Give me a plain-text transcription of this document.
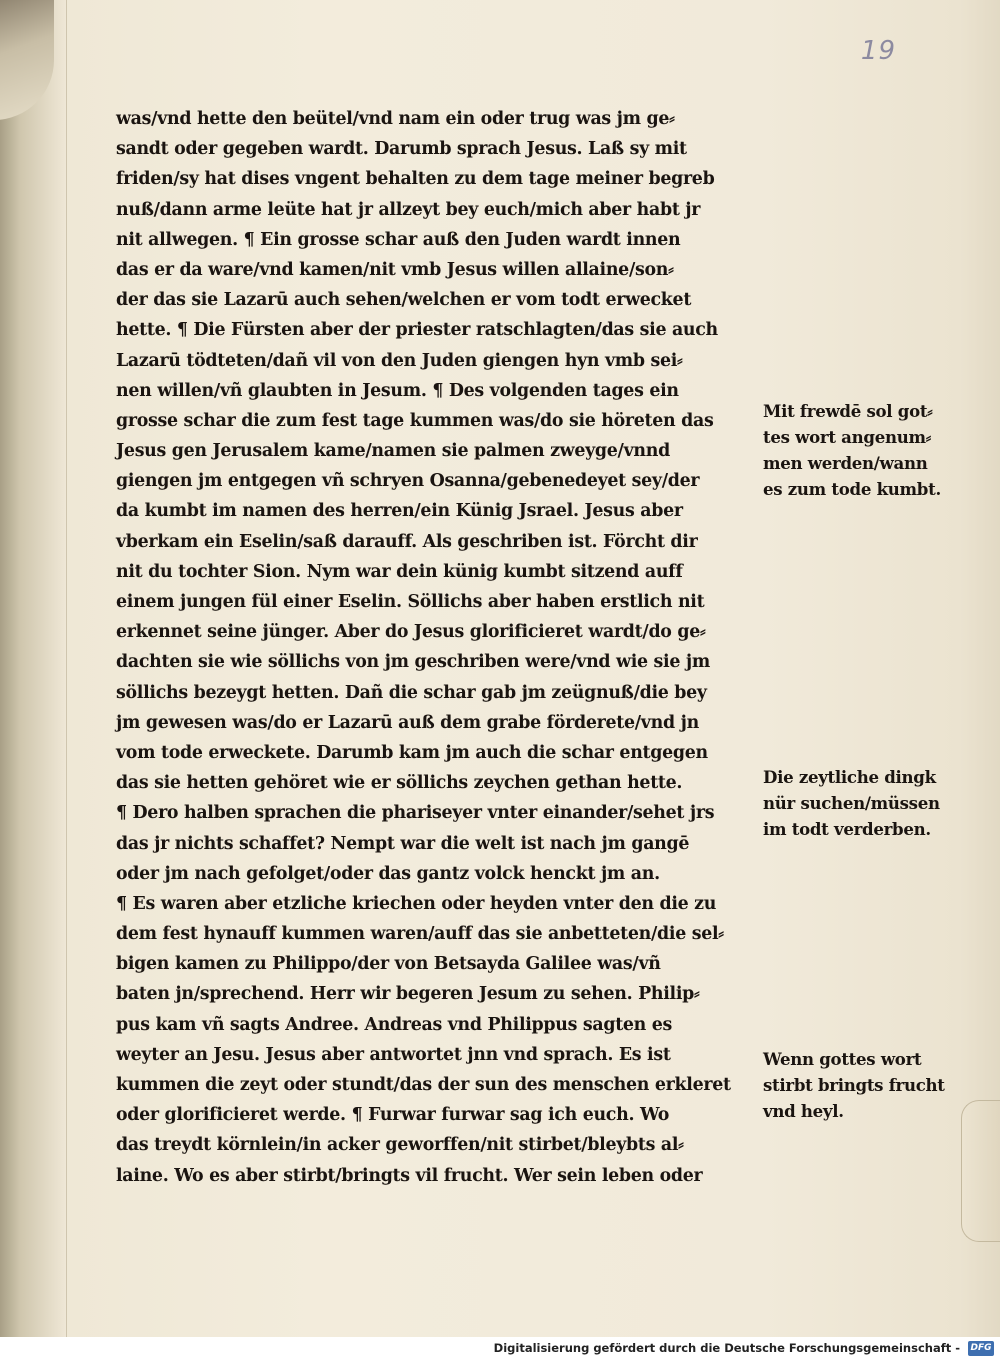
19
was/vnd hette den beütel/vnd nam ein oder trug was jm ge⸗
sandt oder gegeben wardt. Darumb sprach Jesus. Laß sy mit
friden/sy hat dises vngent behalten zu dem tage meiner begreb
nuß/dann arme leüte hat jr allzeyt bey euch/mich aber habt jr
nit allwegen. ¶ Ein grosse schar auß den Juden wardt innen
das er da ware/vnd kamen/nit vmb Jesus willen allaine/son⸗
der das sie Lazarū auch sehen/welchen er vom todt erwecket
hette. ¶ Die Fürsten aber der priester ratschlagten/das sie auch
Lazarū tödteten/dañ vil von den Juden giengen hyn vmb sei⸗
nen willen/vñ glaubten in Jesum. ¶ Des volgenden tages ein
grosse schar die zum fest tage kummen was/do sie höreten das
Jesus gen Jerusalem kame/namen sie palmen zweyge/vnnd
giengen jm entgegen vñ schryen Osanna/gebenedeyet sey/der
da kumbt im namen des herren/ein Künig Jsrael. Jesus aber
vberkam ein Eselin/saß darauff. Als geschriben ist. Förcht dir
nit du tochter Sion. Nym war dein künig kumbt sitzend auff
einem jungen fül einer Eselin. Söllichs aber haben erstlich nit
erkennet seine jünger. Aber do Jesus glorificieret wardt/do ge⸗
dachten sie wie söllichs von jm geschriben were/vnd wie sie jm
söllichs bezeygt hetten. Dañ die schar gab jm zeügnuß/die bey
jm gewesen was/do er Lazarū auß dem grabe förderete/vnd jn
vom tode erweckete. Darumb kam jm auch die schar entgegen
das sie hetten gehöret wie er söllichs zeychen gethan hette.
¶ Dero halben sprachen die phariseyer vnter einander/sehet jrs
das jr nichts schaffet? Nempt war die welt ist nach jm gangē
oder jm nach gefolget/oder das gantz volck henckt jm an.
¶ Es waren aber etzliche kriechen oder heyden vnter den die zu
dem fest hynauff kummen waren/auff das sie anbetteten/die sel⸗
bigen kamen zu Philippo/der von Betsayda Galilee was/vñ
baten jn/sprechend. Herr wir begeren Jesum zu sehen. Philip⸗
pus kam vñ sagts Andree. Andreas vnd Philippus sagten es
weyter an Jesu. Jesus aber antwortet jnn vnd sprach. Es ist
kummen die zeyt oder stundt/das der sun des menschen erkleret
oder glorificieret werde. ¶ Furwar furwar sag ich euch. Wo
das treydt körnlein/in acker geworffen/nit stirbet/bleybts al⸗
laine. Wo es aber stirbt/bringts vil frucht. Wer sein leben oder
Mit frewdē sol got⸗
tes wort angenum⸗
men werden/wann
es zum tode kumbt.
Die zeytliche dingk
nür suchen/müssen
im todt verderben.
Wenn gottes wort
stirbt bringts frucht
vnd heyl.
Digitalisierung gefördert durch die Deutsche Forschungsgemeinschaft - DFG
